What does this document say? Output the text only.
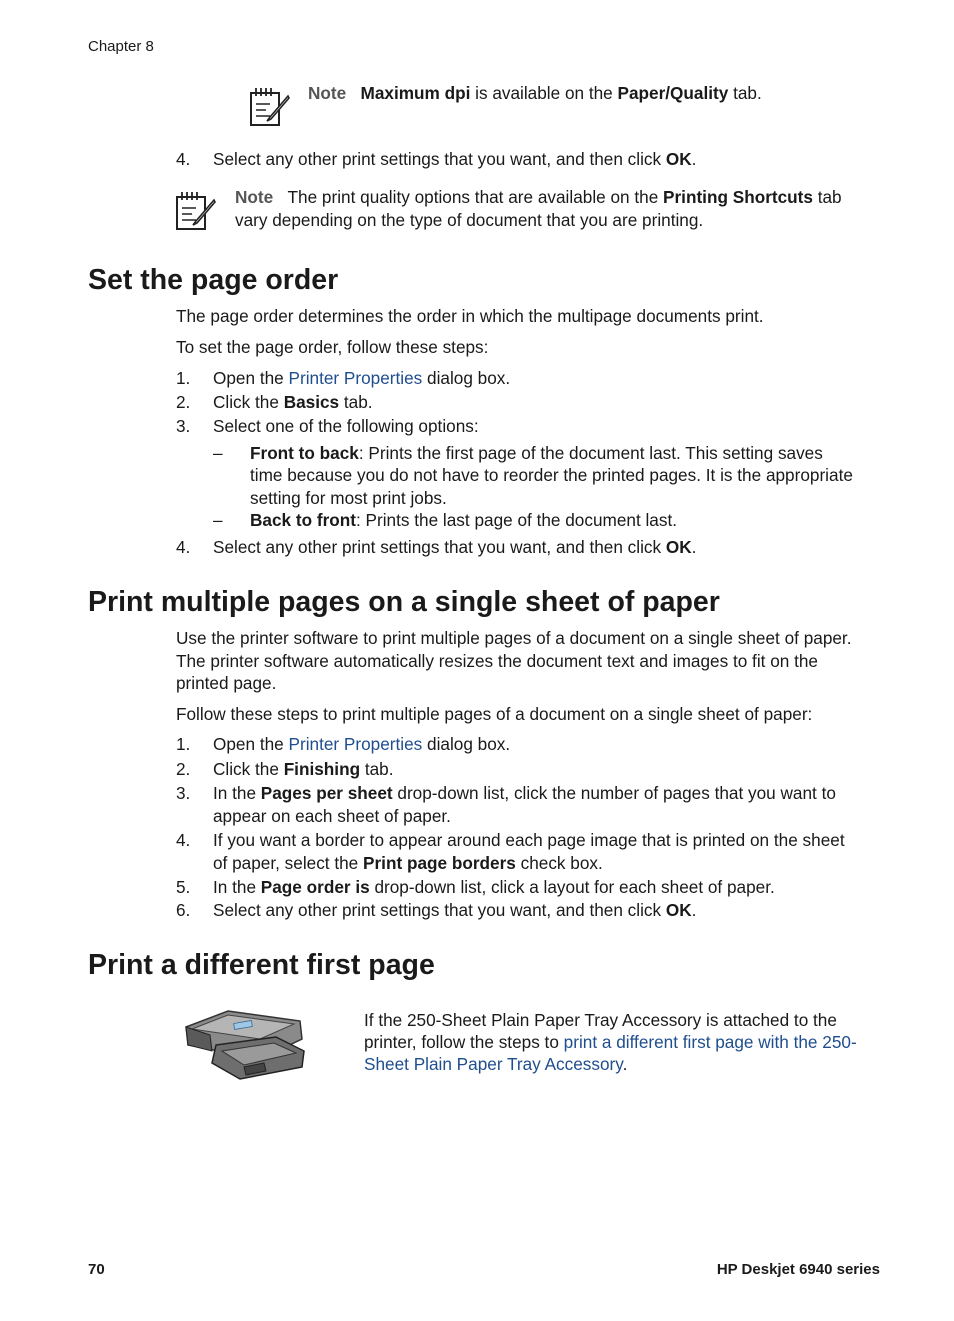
Chapter 8
Note Maximum dpi is available on the Paper/Quality tab.
4. Select any other print settings that you want, and then click OK.
Note The print quality options that are available on the Printing Shortcuts tab
vary depending on the type of document that you are printing.
Set the page order
The page order determines the order in which the multipage documents print.
To set the page order, follow these steps:
1. Open the Printer Properties dialog box.
2. Click the Basics tab.
3. Select one of the following options:
– Front to back: Prints the first page of the document last. This setting saves
time because you do not have to reorder the printed pages. It is the appropriate
setting for most print jobs.
– Back to front: Prints the last page of the document last.
4. Select any other print settings that you want, and then click OK.
Print multiple pages on a single sheet of paper
Use the printer software to print multiple pages of a document on a single sheet of paper.
The printer software automatically resizes the document text and images to fit on the
printed page.
Follow these steps to print multiple pages of a document on a single sheet of paper:
1. Open the Printer Properties dialog box.
2. Click the Finishing tab.
3. In the Pages per sheet drop-down list, click the number of pages that you want to
appear on each sheet of paper.
4. If you want a border to appear around each page image that is printed on the sheet
of paper, select the Print page borders check box.
5. In the Page order is drop-down list, click a layout for each sheet of paper.
6. Select any other print settings that you want, and then click OK.
Print a different first page
If the 250-Sheet Plain Paper Tray Accessory is attached to the
printer, follow the steps to print a different first page with the 250-
Sheet Plain Paper Tray Accessory.
70	HP Deskjet 6940 series
